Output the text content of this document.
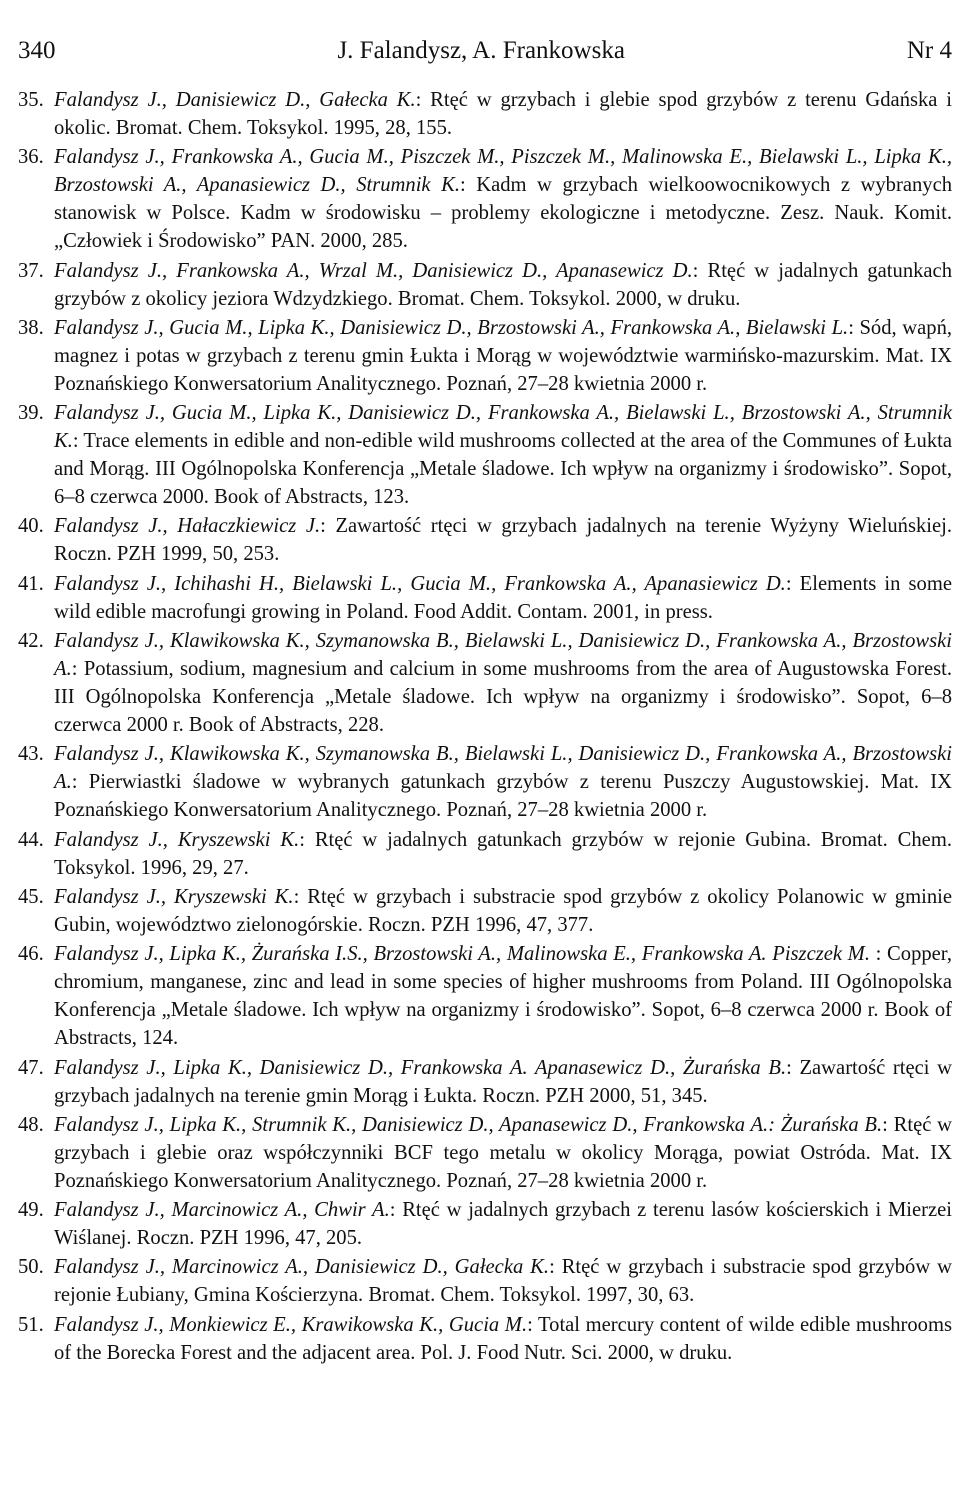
340	J. Falandysz, A. Frankowska	Nr 4
35. Falandysz J., Danisiewicz D., Gałecka K.: Rtęć w grzybach i glebie spod grzybów z terenu Gdańska i okolic. Bromat. Chem. Toksykol. 1995, 28, 155.
36. Falandysz J., Frankowska A., Gucia M., Piszczek M., Piszczek M., Malinowska E., Bielawski L., Lipka K., Brzostowski A., Apanasiewicz D., Strumnik K.: Kadm w grzybach wielkoowocnikowych z wybranych stanowisk w Polsce. Kadm w środowisku – problemy ekologiczne i metodyczne. Zesz. Nauk. Komit. „Człowiek i Środowisko” PAN. 2000, 285.
37. Falandysz J., Frankowska A., Wrzal M., Danisiewicz D., Apanasewicz D.: Rtęć w jadalnych gatunkach grzybów z okolicy jeziora Wdzydzkiego. Bromat. Chem. Toksykol. 2000, w druku.
38. Falandysz J., Gucia M., Lipka K., Danisiewicz D., Brzostowski A., Frankowska A., Bielawski L.: Sód, wapń, magnez i potas w grzybach z terenu gmin Łukta i Morąg w województwie warmińsko-mazurskim. Mat. IX Poznańskiego Konwersatorium Analitycznego. Poznań, 27–28 kwietnia 2000 r.
39. Falandysz J., Gucia M., Lipka K., Danisiewicz D., Frankowska A., Bielawski L., Brzostowski A., Strumnik K.: Trace elements in edible and non-edible wild mushrooms collected at the area of the Communes of Łukta and Morąg. III Ogólnopolska Konferencja „Metale śladowe. Ich wpływ na organizmy i środowisko”. Sopot, 6–8 czerwca 2000. Book of Abstracts, 123.
40. Falandysz J., Hałaczkiewicz J.: Zawartość rtęci w grzybach jadalnych na terenie Wyżyny Wieluńskiej. Roczn. PZH 1999, 50, 253.
41. Falandysz J., Ichihashi H., Bielawski L., Gucia M., Frankowska A., Apanasiewicz D.: Elements in some wild edible macrofungi growing in Poland. Food Addit. Contam. 2001, in press.
42. Falandysz J., Klawikowska K., Szymanowska B., Bielawski L., Danisiewicz D., Frankowska A., Brzostowski A.: Potassium, sodium, magnesium and calcium in some mushrooms from the area of Augustowska Forest. III Ogólnopolska Konferencja „Metale śladowe. Ich wpływ na organizmy i środowisko”. Sopot, 6–8 czerwca 2000 r. Book of Abstracts, 228.
43. Falandysz J., Klawikowska K., Szymanowska B., Bielawski L., Danisiewicz D., Frankowska A., Brzostowski A.: Pierwiastki śladowe w wybranych gatunkach grzybów z terenu Puszczy Augustowskiej. Mat. IX Poznańskiego Konwersatorium Analitycznego. Poznań, 27–28 kwietnia 2000 r.
44. Falandysz J., Kryszewski K.: Rtęć w jadalnych gatunkach grzybów w rejonie Gubina. Bromat. Chem. Toksykol. 1996, 29, 27.
45. Falandysz J., Kryszewski K.: Rtęć w grzybach i substracie spod grzybów z okolicy Polanowic w gminie Gubin, województwo zielonogórskie. Roczn. PZH 1996, 47, 377.
46. Falandysz J., Lipka K., Żurańska I.S., Brzostowski A., Malinowska E., Frankowska A. Piszczek M. : Copper, chromium, manganese, zinc and lead in some species of higher mushrooms from Poland. III Ogólnopolska Konferencja „Metale śladowe. Ich wpływ na organizmy i środowisko”. Sopot, 6–8 czerwca 2000 r. Book of Abstracts, 124.
47. Falandysz J., Lipka K., Danisiewicz D., Frankowska A. Apanasewicz D., Żurańska B.: Zawartość rtęci w grzybach jadalnych na terenie gmin Morąg i Łukta. Roczn. PZH 2000, 51, 345.
48. Falandysz J., Lipka K., Strumnik K., Danisiewicz D., Apanasewicz D., Frankowska A.: Żurańska B.: Rtęć w grzybach i glebie oraz współczynniki BCF tego metalu w okolicy Morąga, powiat Ostróda. Mat. IX Poznańskiego Konwersatorium Analitycznego. Poznań, 27–28 kwietnia 2000 r.
49. Falandysz J., Marcinowicz A., Chwir A.: Rtęć w jadalnych grzybach z terenu lasów kościerskich i Mierzei Wiślanej. Roczn. PZH 1996, 47, 205.
50. Falandysz J., Marcinowicz A., Danisiewicz D., Gałecka K.: Rtęć w grzybach i substracie spod grzybów w rejonie Łubiany, Gmina Kościerzyna. Bromat. Chem. Toksykol. 1997, 30, 63.
51. Falandysz J., Monkiewicz E., Krawikowska K., Gucia M.: Total mercury content of wilde edible mushrooms of the Borecka Forest and the adjacent area. Pol. J. Food Nutr. Sci. 2000, w druku.
